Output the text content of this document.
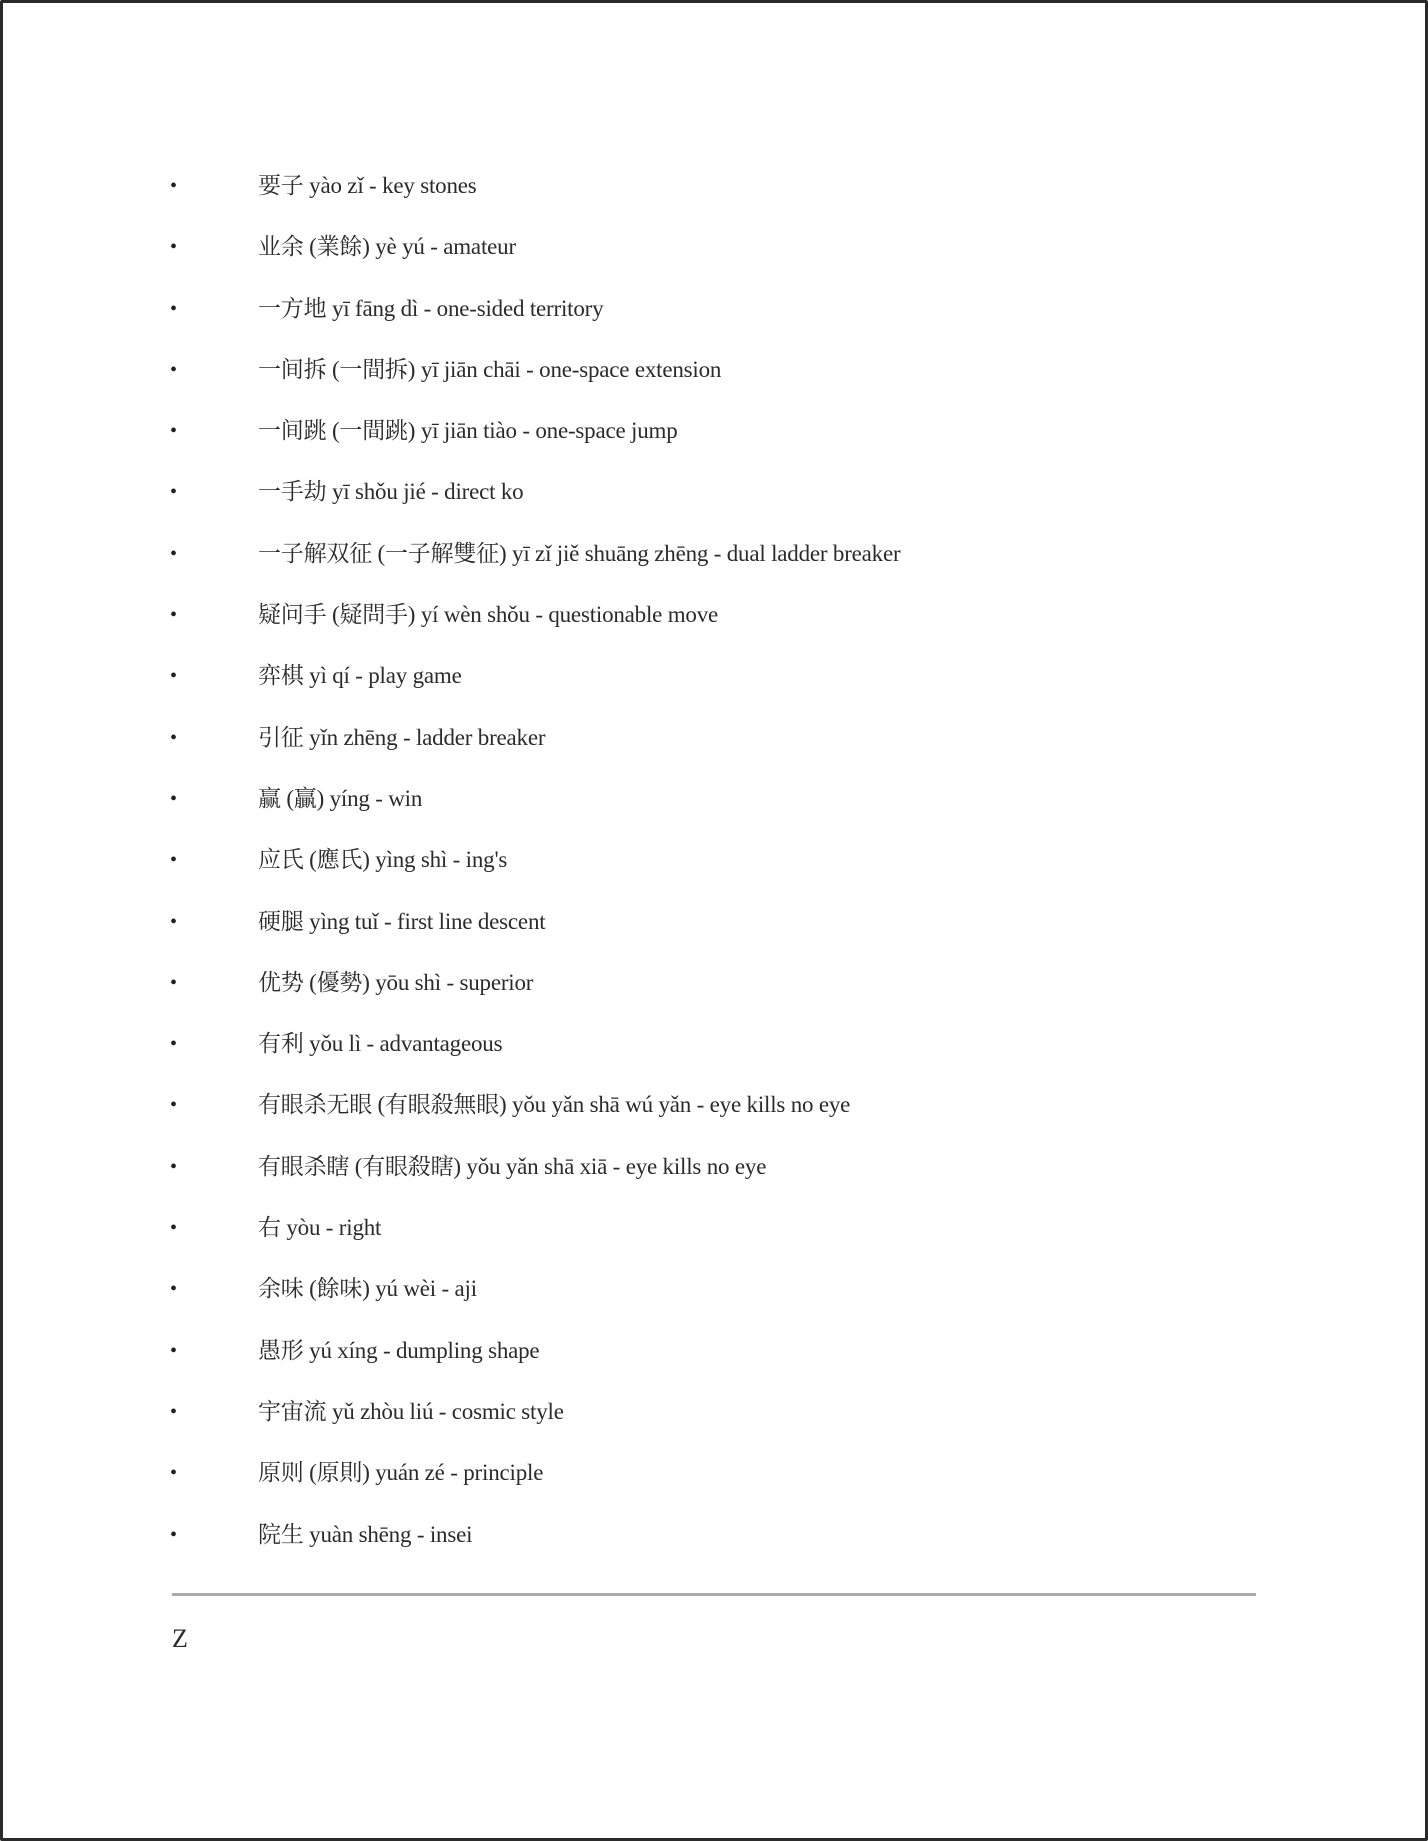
•	要子 yào zǐ - key stones
•	业余 (業餘) yè yú - amateur
•	一方地 yī fāng dì - one-sided territory
•	一间拆 (一間拆) yī jiān chāi - one-space extension
•	一间跳 (一間跳) yī jiān tiào - one-space jump
•	一手劫 yī shǒu jié - direct ko
•	一子解双征 (一子解雙征) yī zǐ jiě shuāng zhēng - dual ladder breaker
•	疑问手 (疑問手) yí wèn shǒu - questionable move
•	弈棋 yì qí - play game
•	引征 yǐn zhēng - ladder breaker
•	赢 (贏) yíng - win
•	应氏 (應氏) yìng shì - ing's
•	硬腿 yìng tuǐ - first line descent
•	优势 (優勢) yōu shì - superior
•	有利 yǒu lì - advantageous
•	有眼杀无眼 (有眼殺無眼) yǒu yǎn shā wú yǎn - eye kills no eye
•	有眼杀瞎 (有眼殺瞎) yǒu yǎn shā xiā - eye kills no eye
•	右 yòu - right
•	余味 (餘味) yú wèi - aji
•	愚形 yú xíng - dumpling shape
•	宇宙流 yǔ zhòu liú - cosmic style
•	原则 (原則) yuán zé - principle
•	院生 yuàn shēng - insei
Z
